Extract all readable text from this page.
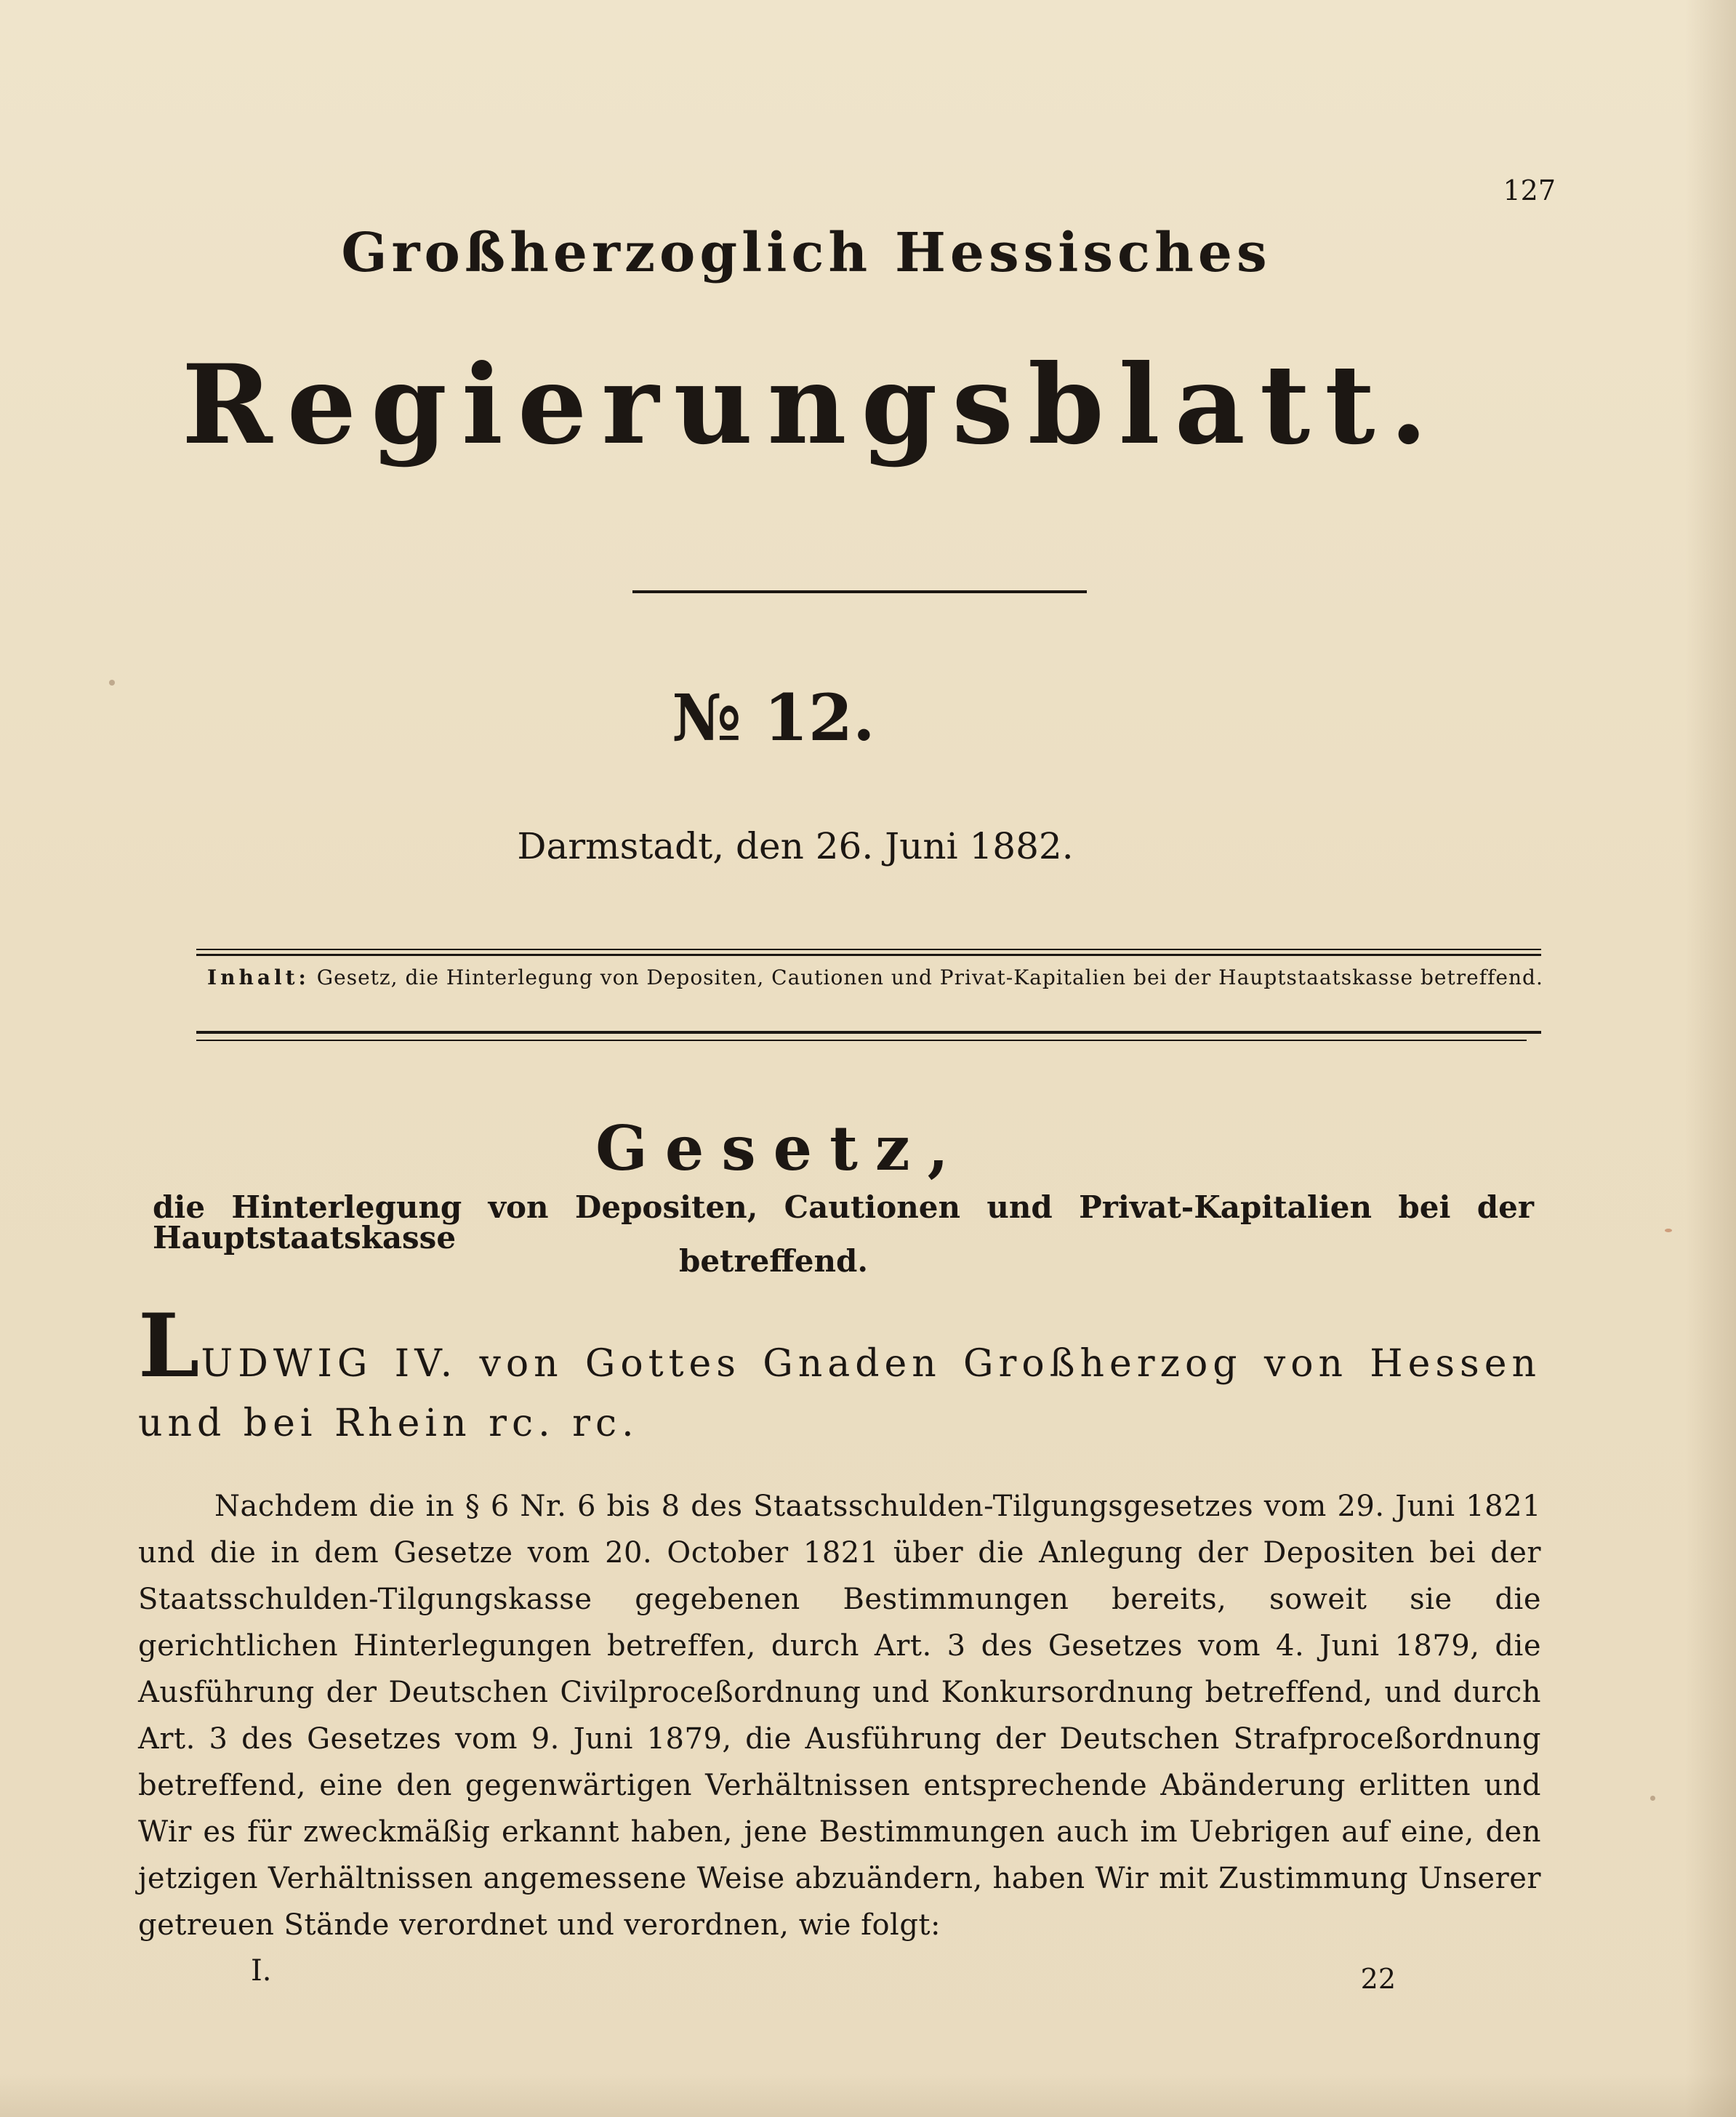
127
Großherzoglich Hessisches
Regierungsblatt.
№ 12.
Darmstadt, den 26. Juni 1882.
Inhalt: Gesetz, die Hinterlegung von Depositen, Cautionen und Privat-Kapitalien bei der Hauptstaatskasse betreffend.
Gesetz,
die Hinterlegung von Depositen, Cautionen und Privat-Kapitalien bei der Hauptstaatskasse
betreffend.
LUDWIG IV. von Gottes Gnaden Großherzog von Hessen und bei Rhein rc. rc.
Nachdem die in § 6 Nr. 6 bis 8 des Staatsschulden-Tilgungsgesetzes vom 29. Juni 1821 und die in dem Gesetze vom 20. October 1821 über die Anlegung der Depositen bei der Staatsschulden-Tilgungskasse gegebenen Bestimmungen bereits, soweit sie die gerichtlichen Hinterlegungen betreffen, durch Art. 3 des Gesetzes vom 4. Juni 1879, die Ausführung der Deutschen Civilproceßordnung und Konkursordnung betreffend, und durch Art. 3 des Gesetzes vom 9. Juni 1879, die Ausführung der Deutschen Strafproceßordnung betreffend, eine den gegenwärtigen Verhältnissen entsprechende Abänderung erlitten und Wir es für zweckmäßig erkannt haben, jene Bestimmungen auch im Uebrigen auf eine, den jetzigen Verhältnissen angemessene Weise abzuändern, haben Wir mit Zustimmung Unserer getreuen Stände verordnet und verordnen, wie folgt:
I.	22
